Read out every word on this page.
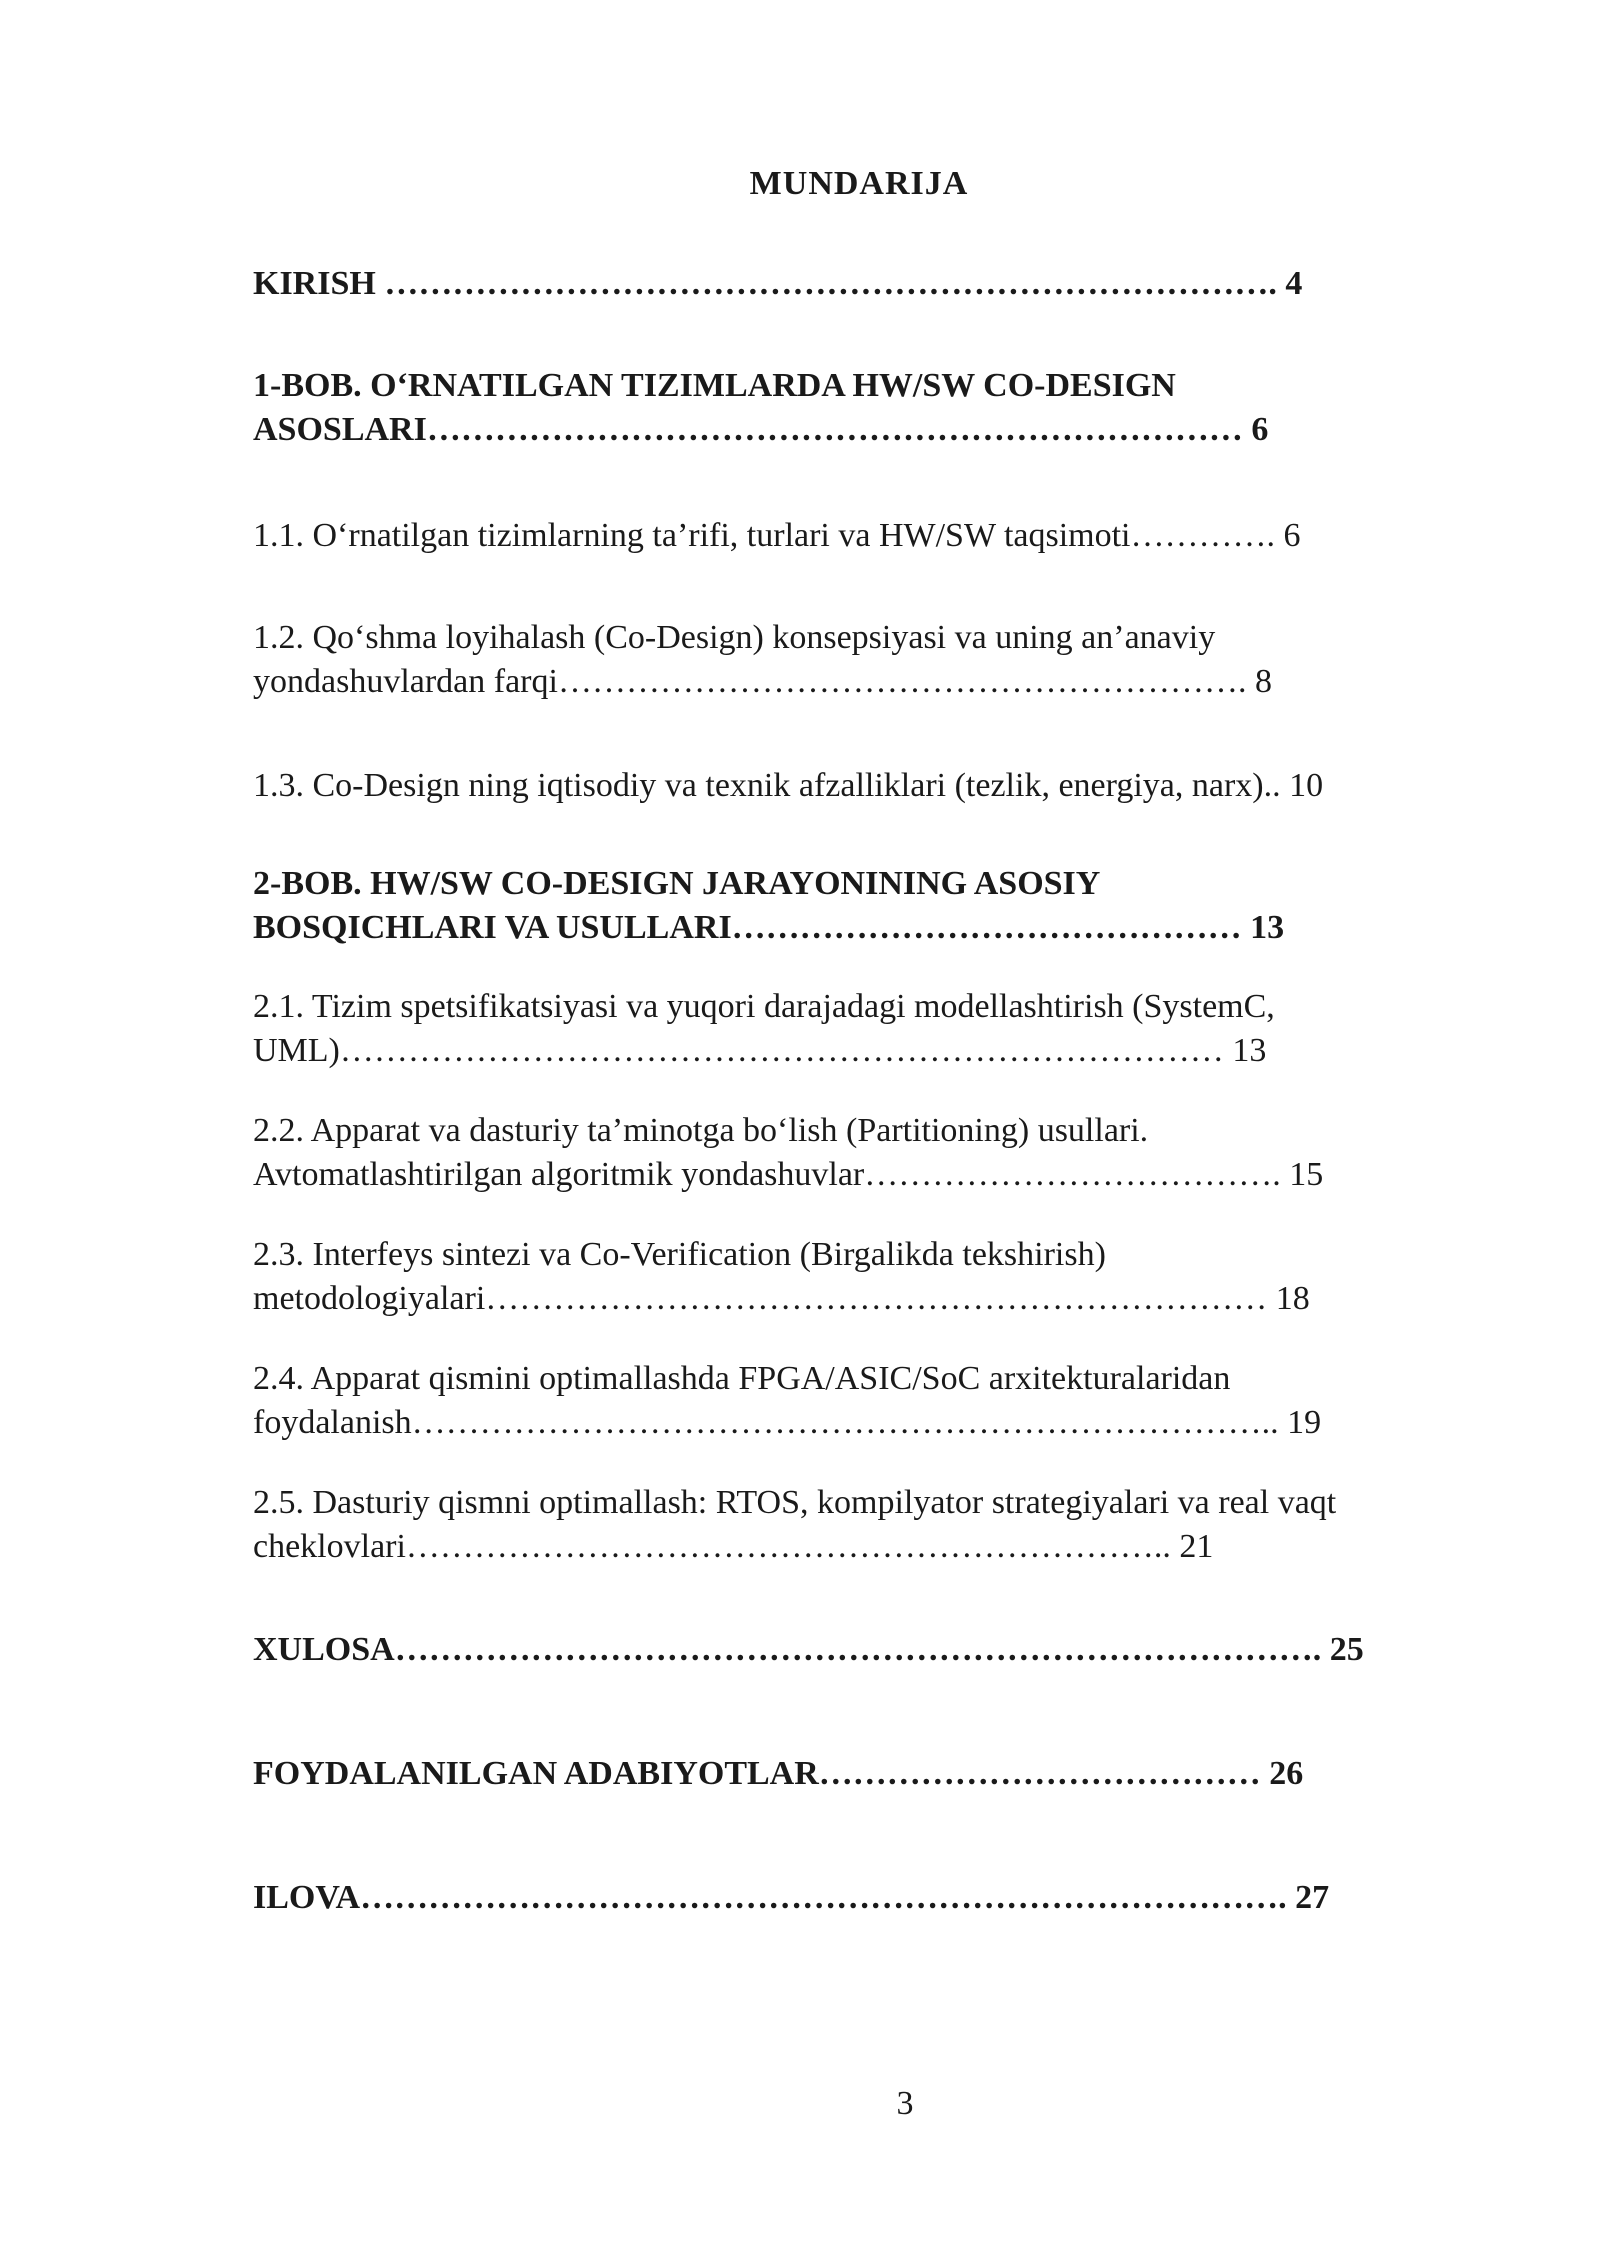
MUNDARIJA
KIRISH ……………………………………………………………………. 4
1-BOB. O‘RNATILGAN TIZIMLARDA HW/SW CO-DESIGN
ASOSLARI……………………………………………………………… 6
1.1. O‘rnatilgan tizimlarning ta’rifi, turlari va HW/SW taqsimoti…………. 6
1.2. Qo‘shma loyihalash (Co-Design) konsepsiyasi va uning an’anaviy
yondashuvlardan farqi……………………………………………………. 8
1.3. Co-Design ning iqtisodiy va texnik afzalliklari (tezlik, energiya, narx).. 10
2-BOB. HW/SW CO-DESIGN JARAYONINING ASOSIY
BOSQICHLARI VA USULLARI……………………………………… 13
2.1. Tizim spetsifikatsiyasi va yuqori darajadagi modellashtirish (SystemC,
UML)…………………………………………………………………… 13
2.2. Apparat va dasturiy ta’minotga bo‘lish (Partitioning) usullari.
Avtomatlashtirilgan algoritmik yondashuvlar………………………………. 15
2.3. Interfeys sintezi va Co-Verification (Birgalikda tekshirish)
metodologiyalari…………………………………………………………… 18
2.4. Apparat qismini optimallashda FPGA/ASIC/SoC arxitekturalaridan
foydalanish………………………………………………………………….. 19
2.5. Dasturiy qismni optimallash: RTOS, kompilyator strategiyalari va real vaqt
cheklovlari………………………………………………………….. 21
XULOSA………………………………………………………………………. 25
FOYDALANILGAN ADABIYOTLAR………………………………… 26
ILOVA………………………………………………………………………. 27
3
